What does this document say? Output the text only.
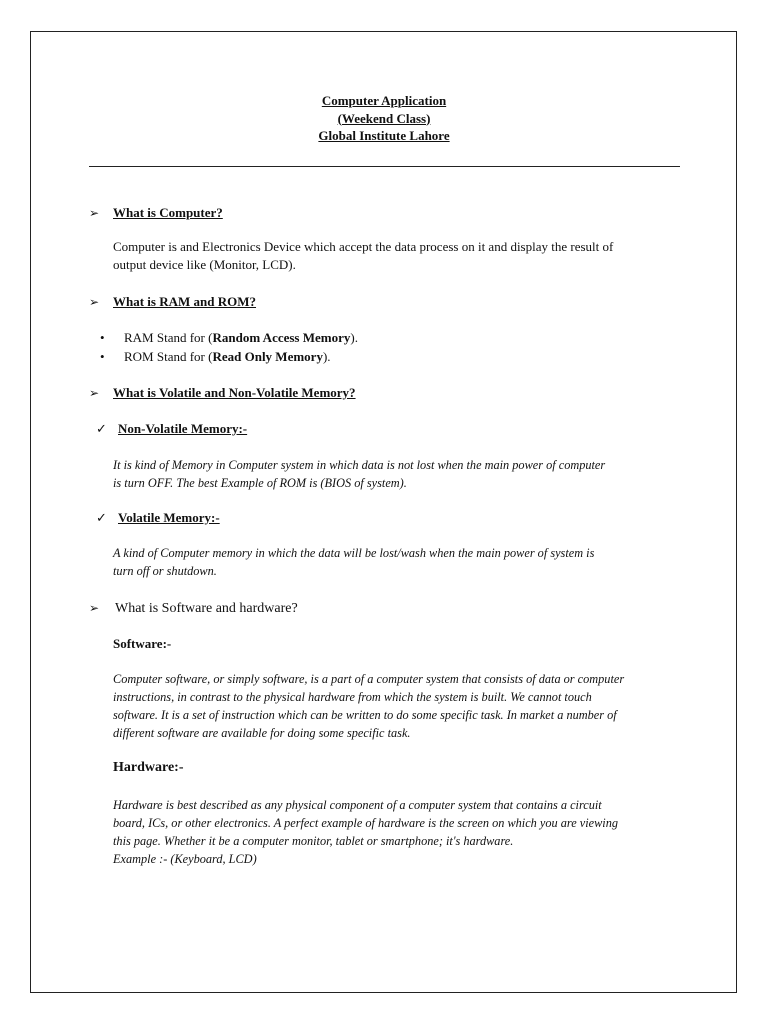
Computer Application
(Weekend Class)
Global Institute Lahore
➢ What is Computer?
Computer is and Electronics Device which accept the data process on it and display the result of
output device like (Monitor, LCD).
➢ What is RAM and ROM?
• RAM Stand for (Random Access Memory).
• ROM Stand for (Read Only Memory).
➢ What is Volatile and Non-Volatile Memory?
✓ Non-Volatile Memory:-
It is kind of Memory in Computer system in which data is not lost when the main power of computer
is turn OFF. The best Example of ROM is (BIOS of system).
✓ Volatile Memory:-
A kind of Computer memory in which the data will be lost/wash when the main power of system is
turn off or shutdown.
➢ What is Software and hardware?
Software:-
Computer software, or simply software, is a part of a computer system that consists of data or computer
instructions, in contrast to the physical hardware from which the system is built. We cannot touch
software. It is a set of instruction which can be written to do some specific task. In market a number of
different software are available for doing some specific task.
Hardware:-
Hardware is best described as any physical component of a computer system that contains a circuit
board, ICs, or other electronics. A perfect example of hardware is the screen on which you are viewing
this page. Whether it be a computer monitor, tablet or smartphone; it's hardware.
Example :- (Keyboard, LCD)
